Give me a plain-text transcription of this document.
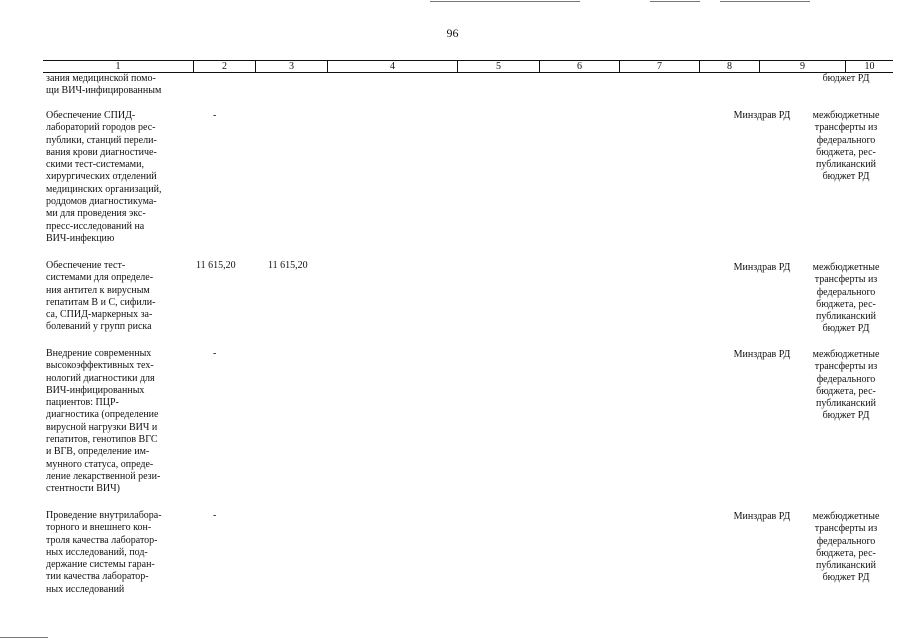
96
1	2	3	4	5	6	7	8	9	10
зания медицинской помо-
щи ВИЧ-инфицированным
бюджет РД
Обеспечение СПИД-
лабораторий городов рес-
публики, станций перели-
вания крови диагностиче-
скими тест-системами,
хирургических отделений
медицинских организаций,
роддомов диагностикума-
ми для проведения экс-
пресс-исследований на
ВИЧ-инфекцию
-	Минздрав РД	межбюджетные
трансферты из
федерального
бюджета, рес-
публиканский
бюджет РД
Обеспечение тест-
системами для определе-
ния антител к вирусным
гепатитам В и С, сифили-
са, СПИД-маркерных за-
болеваний у групп риска
11 615,20	11 615,20	Минздрав РД	межбюджетные
трансферты из
федерального
бюджета, рес-
публиканский
бюджет РД
Внедрение современных
высокоэффективных тех-
нологий диагностики для
ВИЧ-инфицированных
пациентов: ПЦР-
диагностика (определение
вирусной нагрузки ВИЧ и
гепатитов, генотипов ВГС
и ВГВ, определение им-
мунного статуса, опреде-
ление лекарственной рези-
стентности ВИЧ)
-	Минздрав РД	межбюджетные
трансферты из
федерального
бюджета, рес-
публиканский
бюджет РД
Проведение внутрилабора-
торного и внешнего кон-
троля качества лаборатор-
ных исследований, под-
держание системы гаран-
тии качества лаборатор-
ных исследований
-	Минздрав РД	межбюджетные
трансферты из
федерального
бюджета, рес-
публиканский
бюджет РД
